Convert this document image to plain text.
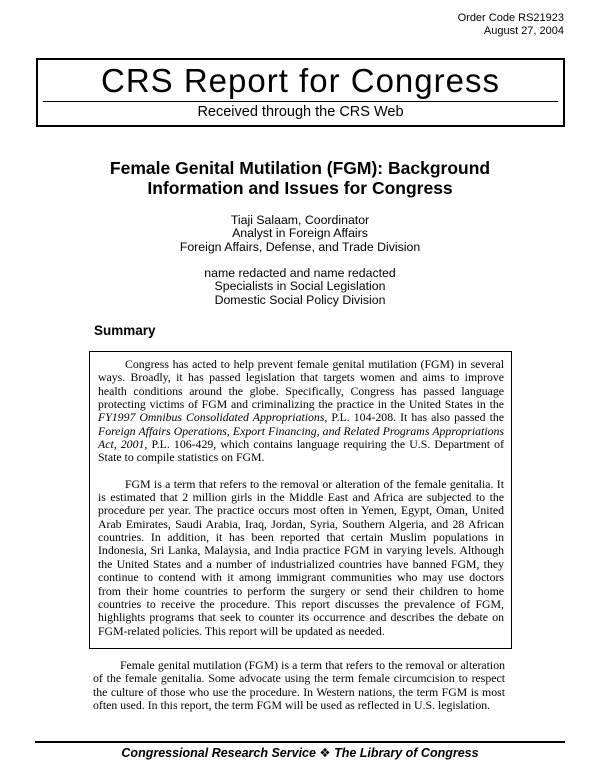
Order Code RS21923
August 27, 2004
CRS Report for Congress
Received through the CRS Web
Female Genital Mutilation (FGM): Background
Information and Issues for Congress
Tiaji Salaam, Coordinator
Analyst in Foreign Affairs
Foreign Affairs, Defense, and Trade Division
name redacted and name redacted
Specialists in Social Legislation
Domestic Social Policy Division
Summary

Congress has acted to help prevent female genital mutilation (FGM) in several ways. Broadly, it has passed legislation that targets women and aims to improve health conditions around the globe. Specifically, Congress has passed language protecting victims of FGM and criminalizing the practice in the United States in the FY1997 Omnibus Consolidated Appropriations, P.L. 104-208. It has also passed the Foreign Affairs Operations, Export Financing, and Related Programs Appropriations Act, 2001, P.L. 106-429, which contains language requiring the U.S. Department of State to compile statistics on FGM.

FGM is a term that refers to the removal or alteration of the female genitalia. It is estimated that 2 million girls in the Middle East and Africa are subjected to the procedure per year. The practice occurs most often in Yemen, Egypt, Oman, United Arab Emirates, Saudi Arabia, Iraq, Jordan, Syria, Southern Algeria, and 28 African countries. In addition, it has been reported that certain Muslim populations in Indonesia, Sri Lanka, Malaysia, and India practice FGM in varying levels. Although the United States and a number of industrialized countries have banned FGM, they continue to contend with it among immigrant communities who may use doctors from their home countries to perform the surgery or send their children to home countries to receive the procedure. This report discusses the prevalence of FGM, highlights programs that seek to counter its occurrence and describes the debate on FGM-related policies. This report will be updated as needed.

Female genital mutilation (FGM) is a term that refers to the removal or alteration of the female genitalia. Some advocate using the term female circumcision to respect the culture of those who use the procedure. In Western nations, the term FGM is most often used. In this report, the term FGM will be used as reflected in U.S. legislation.

Congressional Research Service ❖ The Library of Congress
